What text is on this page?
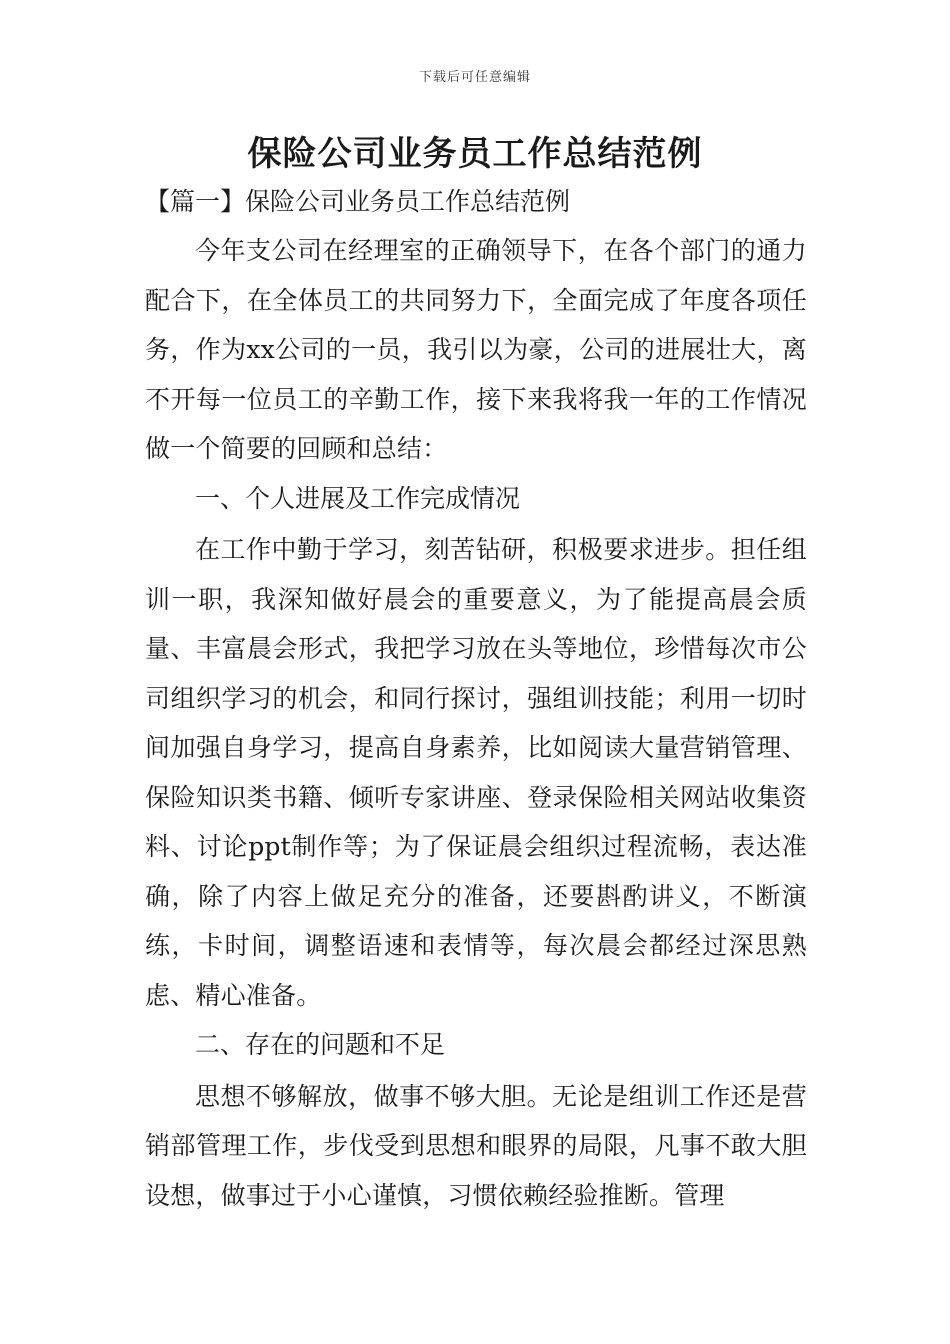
下载后可任意编辑
保险公司业务员工作总结范例

【篇一】保险公司业务员工作总结范例

今年支公司在经理室的正确领导下，在各个部门的通力配合下，在全体员工的共同努力下，全面完成了年度各项任务，作为xx公司的一员，我引以为豪，公司的进展壮大，离不开每一位员工的辛勤工作，接下来我将我一年的工作情况做一个简要的回顾和总结：

一、个人进展及工作完成情况

在工作中勤于学习，刻苦钻研，积极要求进步。担任组训一职，我深知做好晨会的重要意义，为了能提高晨会质量、丰富晨会形式，我把学习放在头等地位，珍惜每次市公司组织学习的机会，和同行探讨，强组训技能；利用一切时间加强自身学习，提高自身素养，比如阅读大量营销管理、保险知识类书籍、倾听专家讲座、登录保险相关网站收集资料、讨论ppt制作等；为了保证晨会组织过程流畅，表达准确，除了内容上做足充分的准备，还要斟酌讲义，不断演练，卡时间，调整语速和表情等，每次晨会都经过深思熟虑、精心准备。

二、存在的问题和不足

思想不够解放，做事不够大胆。无论是组训工作还是营销部管理工作，步伐受到思想和眼界的局限，凡事不敢大胆设想，做事过于小心谨慎，习惯依赖经验推断。管理
